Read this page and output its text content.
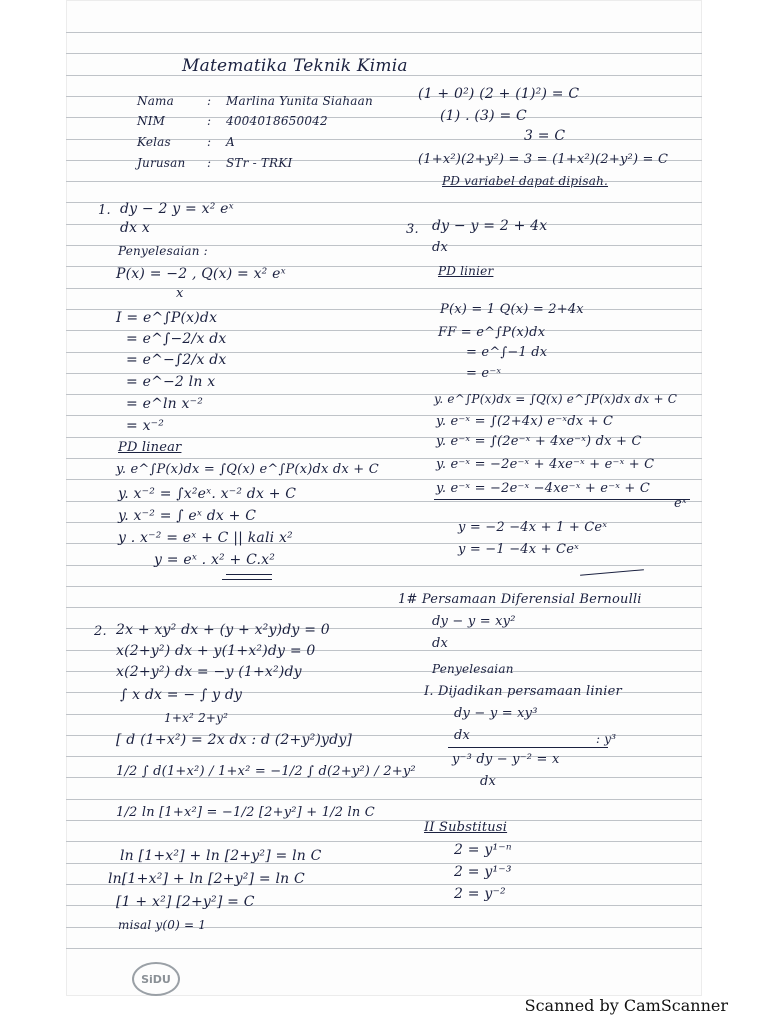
Matematika Teknik Kimia
Nama	: Marlina Yunita Siahaan
NIM	: 4004018650042
Kelas	: A
Jurusan : STr - TRKI
1. dy − 2 y = x² eˣ
dx x
Penyelesaian :
P(x) = −2 , Q(x) = x² eˣ
x
I = e^∫P(x)dx
= e^∫−2/x dx
= e^−∫2/x dx
= e^−2 ln x
= e^ln x⁻²
= x⁻²
PD linear
y. e^∫P(x)dx = ∫Q(x) e^∫P(x)dx dx + C
y. x⁻² = ∫x²eˣ. x⁻² dx + C
y. x⁻² = ∫ eˣ dx + C
y . x⁻² = eˣ + C || kali x²
y = eˣ . x² + C.x²
2. 2x + xy² dx + (y + x²y)dy = 0
x(2+y²) dx + y(1+x²)dy = 0
x(2+y²) dx = −y (1+x²)dy
∫ x dx = − ∫ y dy
1+x² 2+y²
[ d (1+x²) = 2x dx : d (2+y²)ydy]
1/2 ∫ d(1+x²) / 1+x² = −1/2 ∫ d(2+y²) / 2+y²
1/2 ln [1+x²] = −1/2 [2+y²] + 1/2 ln C
ln [1+x²] + ln [2+y²] = ln C
ln[1+x²] + ln [2+y²] = ln C
[1 + x²] [2+y²] = C
misal y(0) = 1
(1 + 0²) (2 + (1)²) = C
(1) . (3) = C
3 = C
(1+x²)(2+y²) = 3 = (1+x²)(2+y²) = C
PD variabel dapat dipisah.
3. dy − y = 2 + 4x
dx
PD linier
P(x) = 1 Q(x) = 2+4x
FF = e^∫P(x)dx
= e^∫−1 dx
= e⁻ˣ
y. e^∫P(x)dx = ∫Q(x) e^∫P(x)dx dx + C
y. e⁻ˣ = ∫(2+4x) e⁻ˣdx + C
y. e⁻ˣ = ∫(2e⁻ˣ + 4xe⁻ˣ) dx + C
y. e⁻ˣ = −2e⁻ˣ + 4xe⁻ˣ + e⁻ˣ + C
y. e⁻ˣ = −2e⁻ˣ −4xe⁻ˣ + e⁻ˣ + C
eˣ
y = −2 −4x + 1 + Ceˣ
y = −1 −4x + Ceˣ
1# Persamaan Diferensial Bernoulli
dy − y = xy²
dx
Penyelesaian
I. Dijadikan persamaan linier
dy − y = xy³
dx	: y³
y⁻³ dy − y⁻² = x
dx
II Substitusi
2 = y¹⁻ⁿ
2 = y¹⁻³
2 = y⁻²
SiDU
Scanned by CamScanner
